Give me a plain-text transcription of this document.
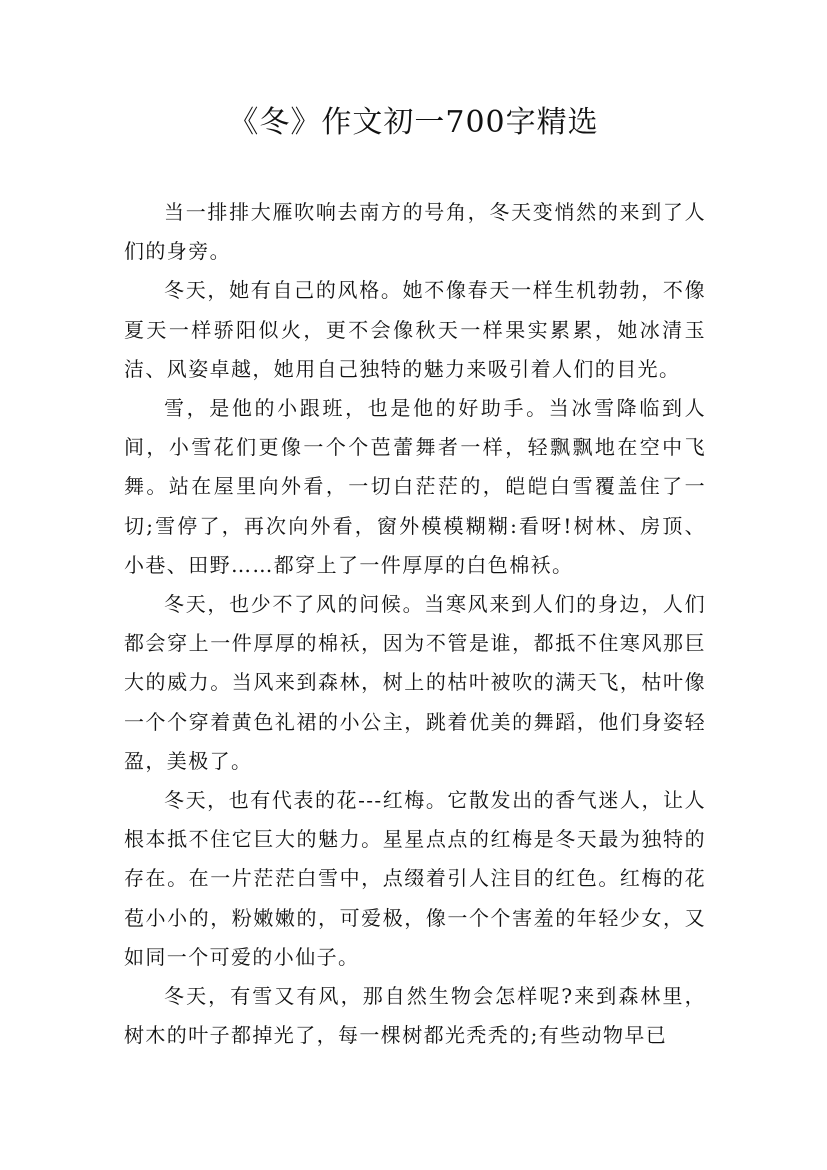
《冬》作文初一700字精选

当一排排大雁吹响去南方的号角，冬天变悄然的来到了人们的身旁。

冬天，她有自己的风格。她不像春天一样生机勃勃，不像夏天一样骄阳似火，更不会像秋天一样果实累累，她冰清玉洁、风姿卓越，她用自己独特的魅力来吸引着人们的目光。

雪，是他的小跟班，也是他的好助手。当冰雪降临到人间，小雪花们更像一个个芭蕾舞者一样，轻飘飘地在空中飞舞。站在屋里向外看，一切白茫茫的，皑皑白雪覆盖住了一切;雪停了，再次向外看，窗外模模糊糊:看呀!树林、房顶、小巷、田野……都穿上了一件厚厚的白色棉袄。

冬天，也少不了风的问候。当寒风来到人们的身边，人们都会穿上一件厚厚的棉袄，因为不管是谁，都抵不住寒风那巨大的威力。当风来到森林，树上的枯叶被吹的满天飞，枯叶像一个个穿着黄色礼裙的小公主，跳着优美的舞蹈，他们身姿轻盈，美极了。

冬天，也有代表的花---红梅。它散发出的香气迷人，让人根本抵不住它巨大的魅力。星星点点的红梅是冬天最为独特的存在。在一片茫茫白雪中，点缀着引人注目的红色。红梅的花苞小小的，粉嫩嫩的，可爱极，像一个个害羞的年轻少女，又如同一个可爱的小仙子。

冬天，有雪又有风，那自然生物会怎样呢?来到森林里，树木的叶子都掉光了，每一棵树都光秃秃的;有些动物早已
